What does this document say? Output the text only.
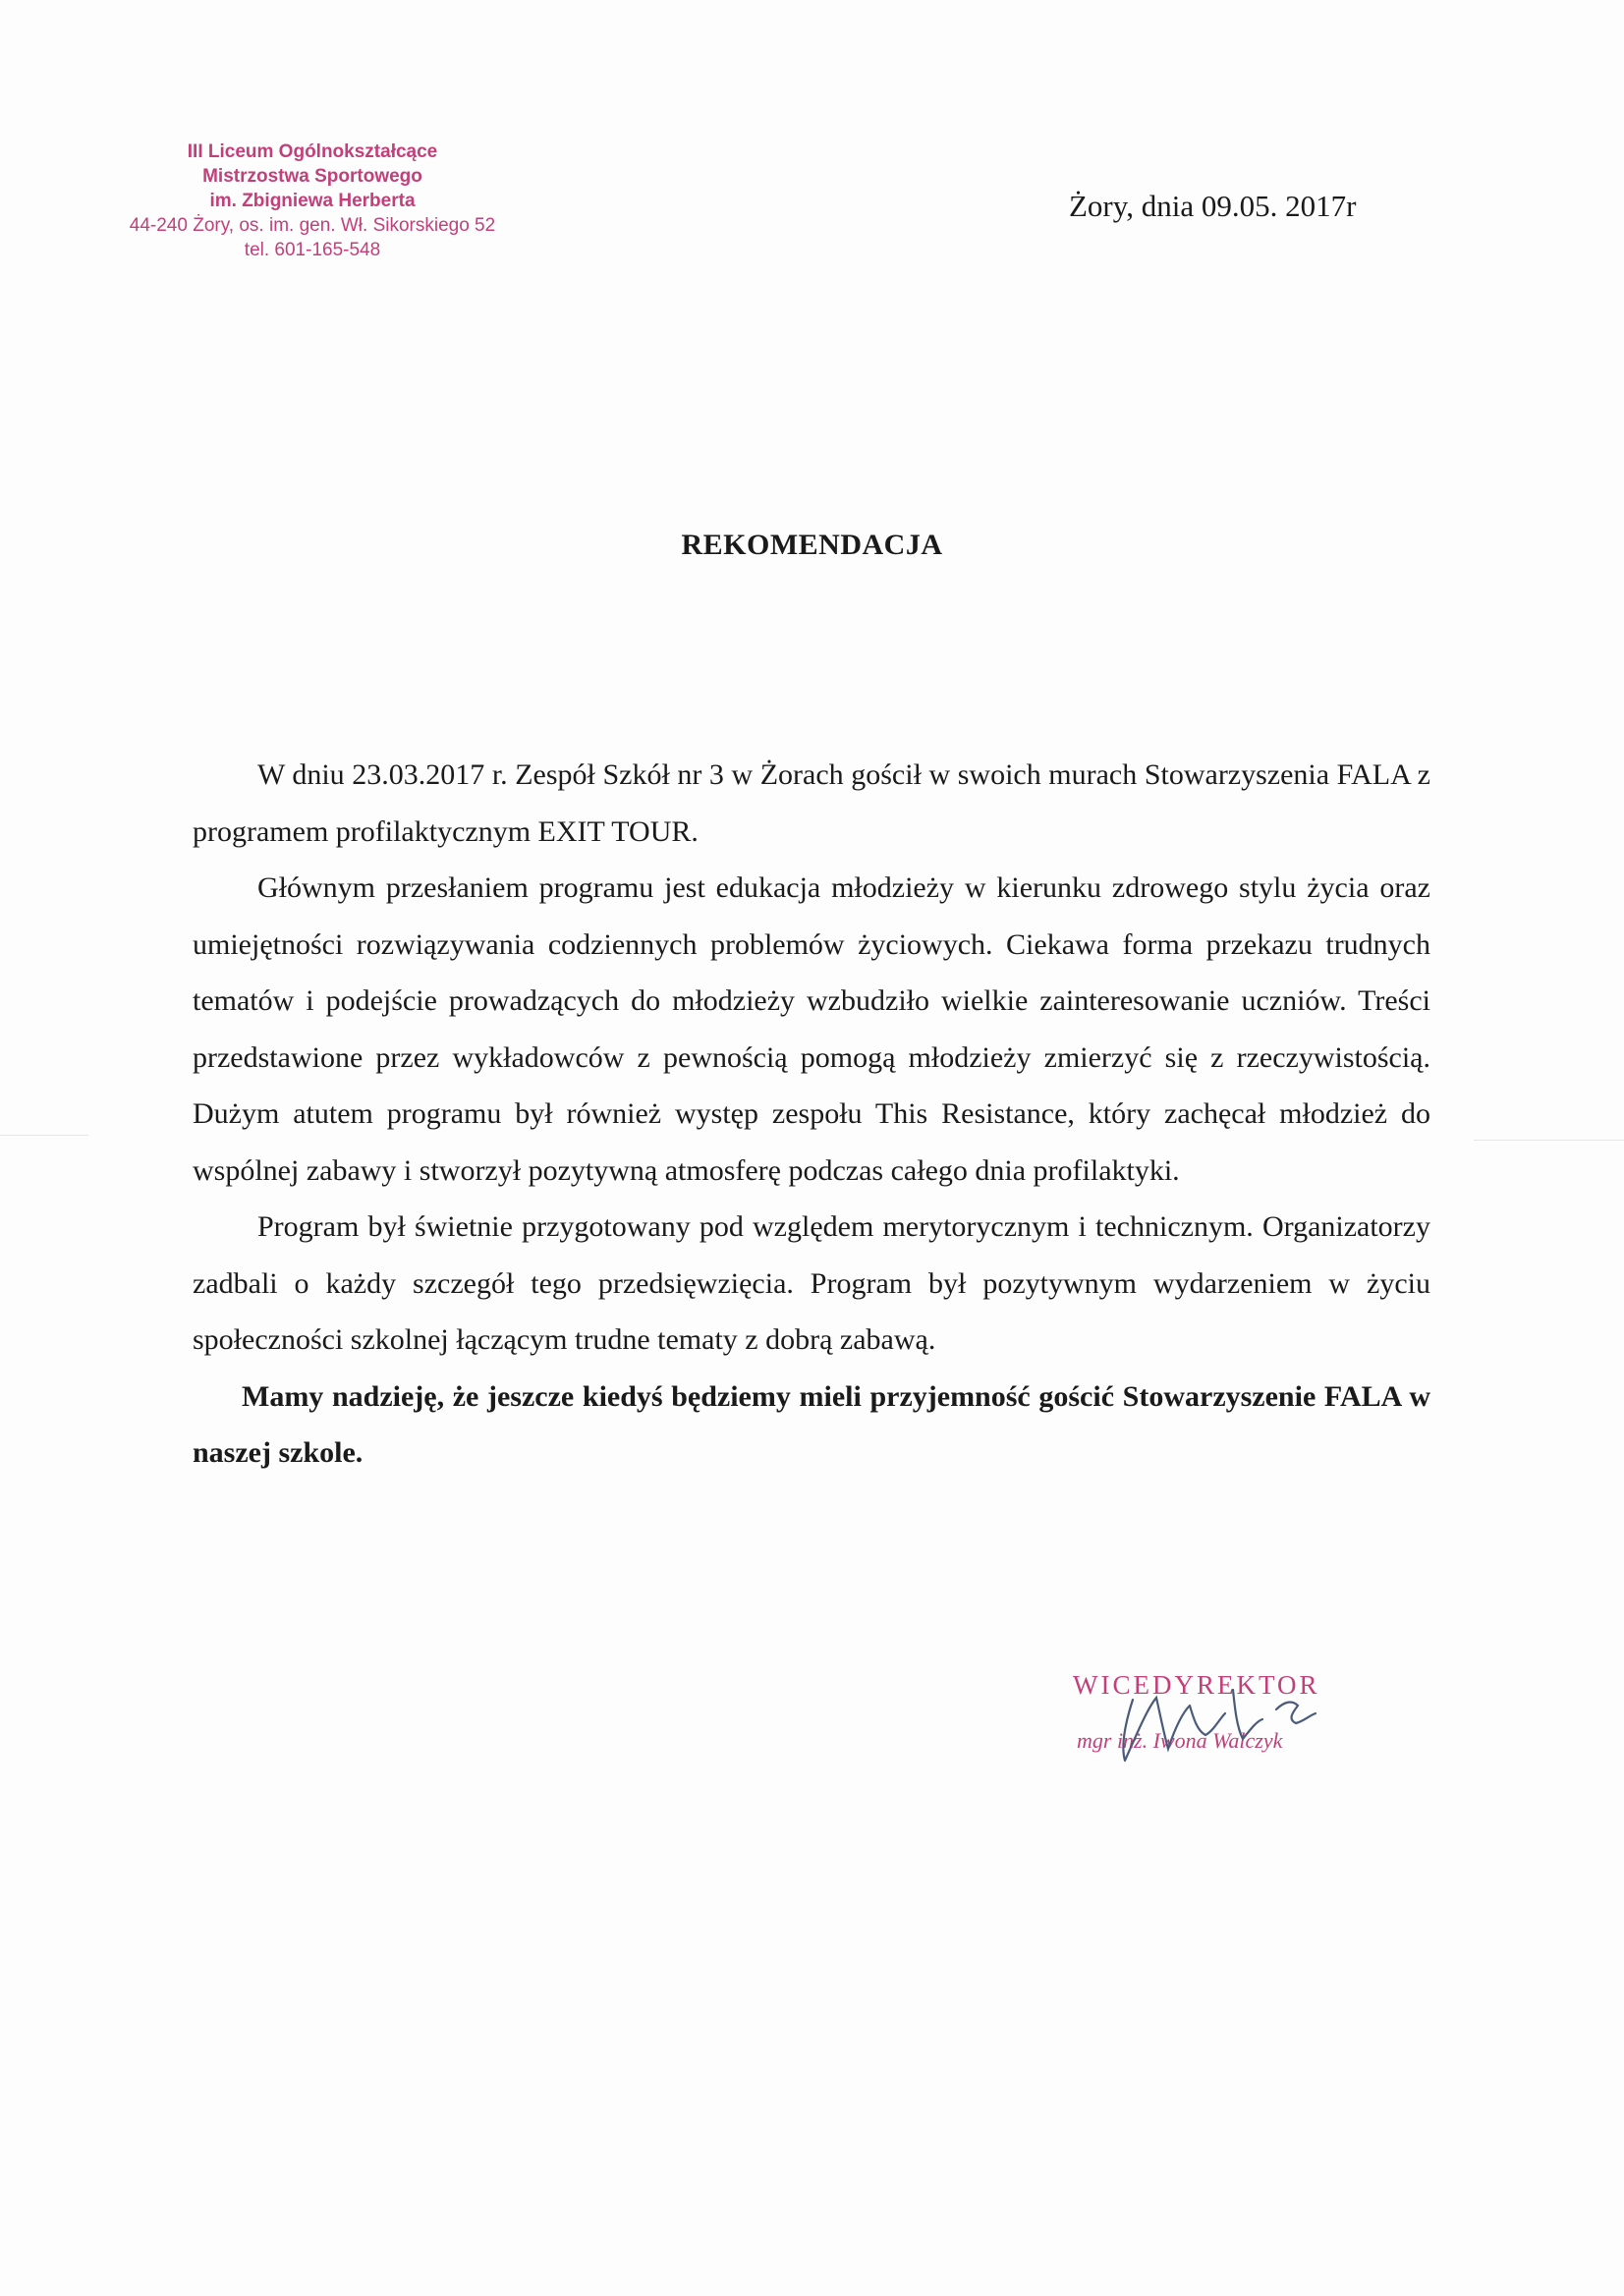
III Liceum Ogólnokształcące
Mistrzostwa Sportowego
im. Zbigniewa Herberta
44-240 Żory, os. im. gen. Wł. Sikorskiego 52
tel. 601-165-548
Żory, dnia 09.05. 2017r
REKOMENDACJA

W dniu 23.03.2017 r. Zespół Szkół nr 3 w Żorach gościł w swoich murach Stowarzyszenia FALA z programem profilaktycznym EXIT TOUR.

Głównym przesłaniem programu jest edukacja młodzieży w kierunku zdrowego stylu życia oraz umiejętności rozwiązywania codziennych problemów życiowych. Ciekawa forma przekazu trudnych tematów i podejście prowadzących do młodzieży wzbudziło wielkie zainteresowanie uczniów. Treści przedstawione przez wykładowców z pewnością pomogą młodzieży zmierzyć się z rzeczywistością. Dużym atutem programu był również występ zespołu This Resistance, który zachęcał młodzież do wspólnej zabawy i stworzył pozytywną atmosferę podczas całego dnia profilaktyki.

Program był świetnie przygotowany pod względem merytorycznym i technicznym. Organizatorzy zadbali o każdy szczegół tego przedsięwzięcia. Program był pozytywnym wydarzeniem w życiu społeczności szkolnej łączącym trudne tematy z dobrą zabawą.

Mamy nadzieję, że jeszcze kiedyś będziemy mieli przyjemność gościć Stowarzyszenie FALA w naszej szkole.

WICEDYREKTOR
mgr inż. Iwona Walczyk
